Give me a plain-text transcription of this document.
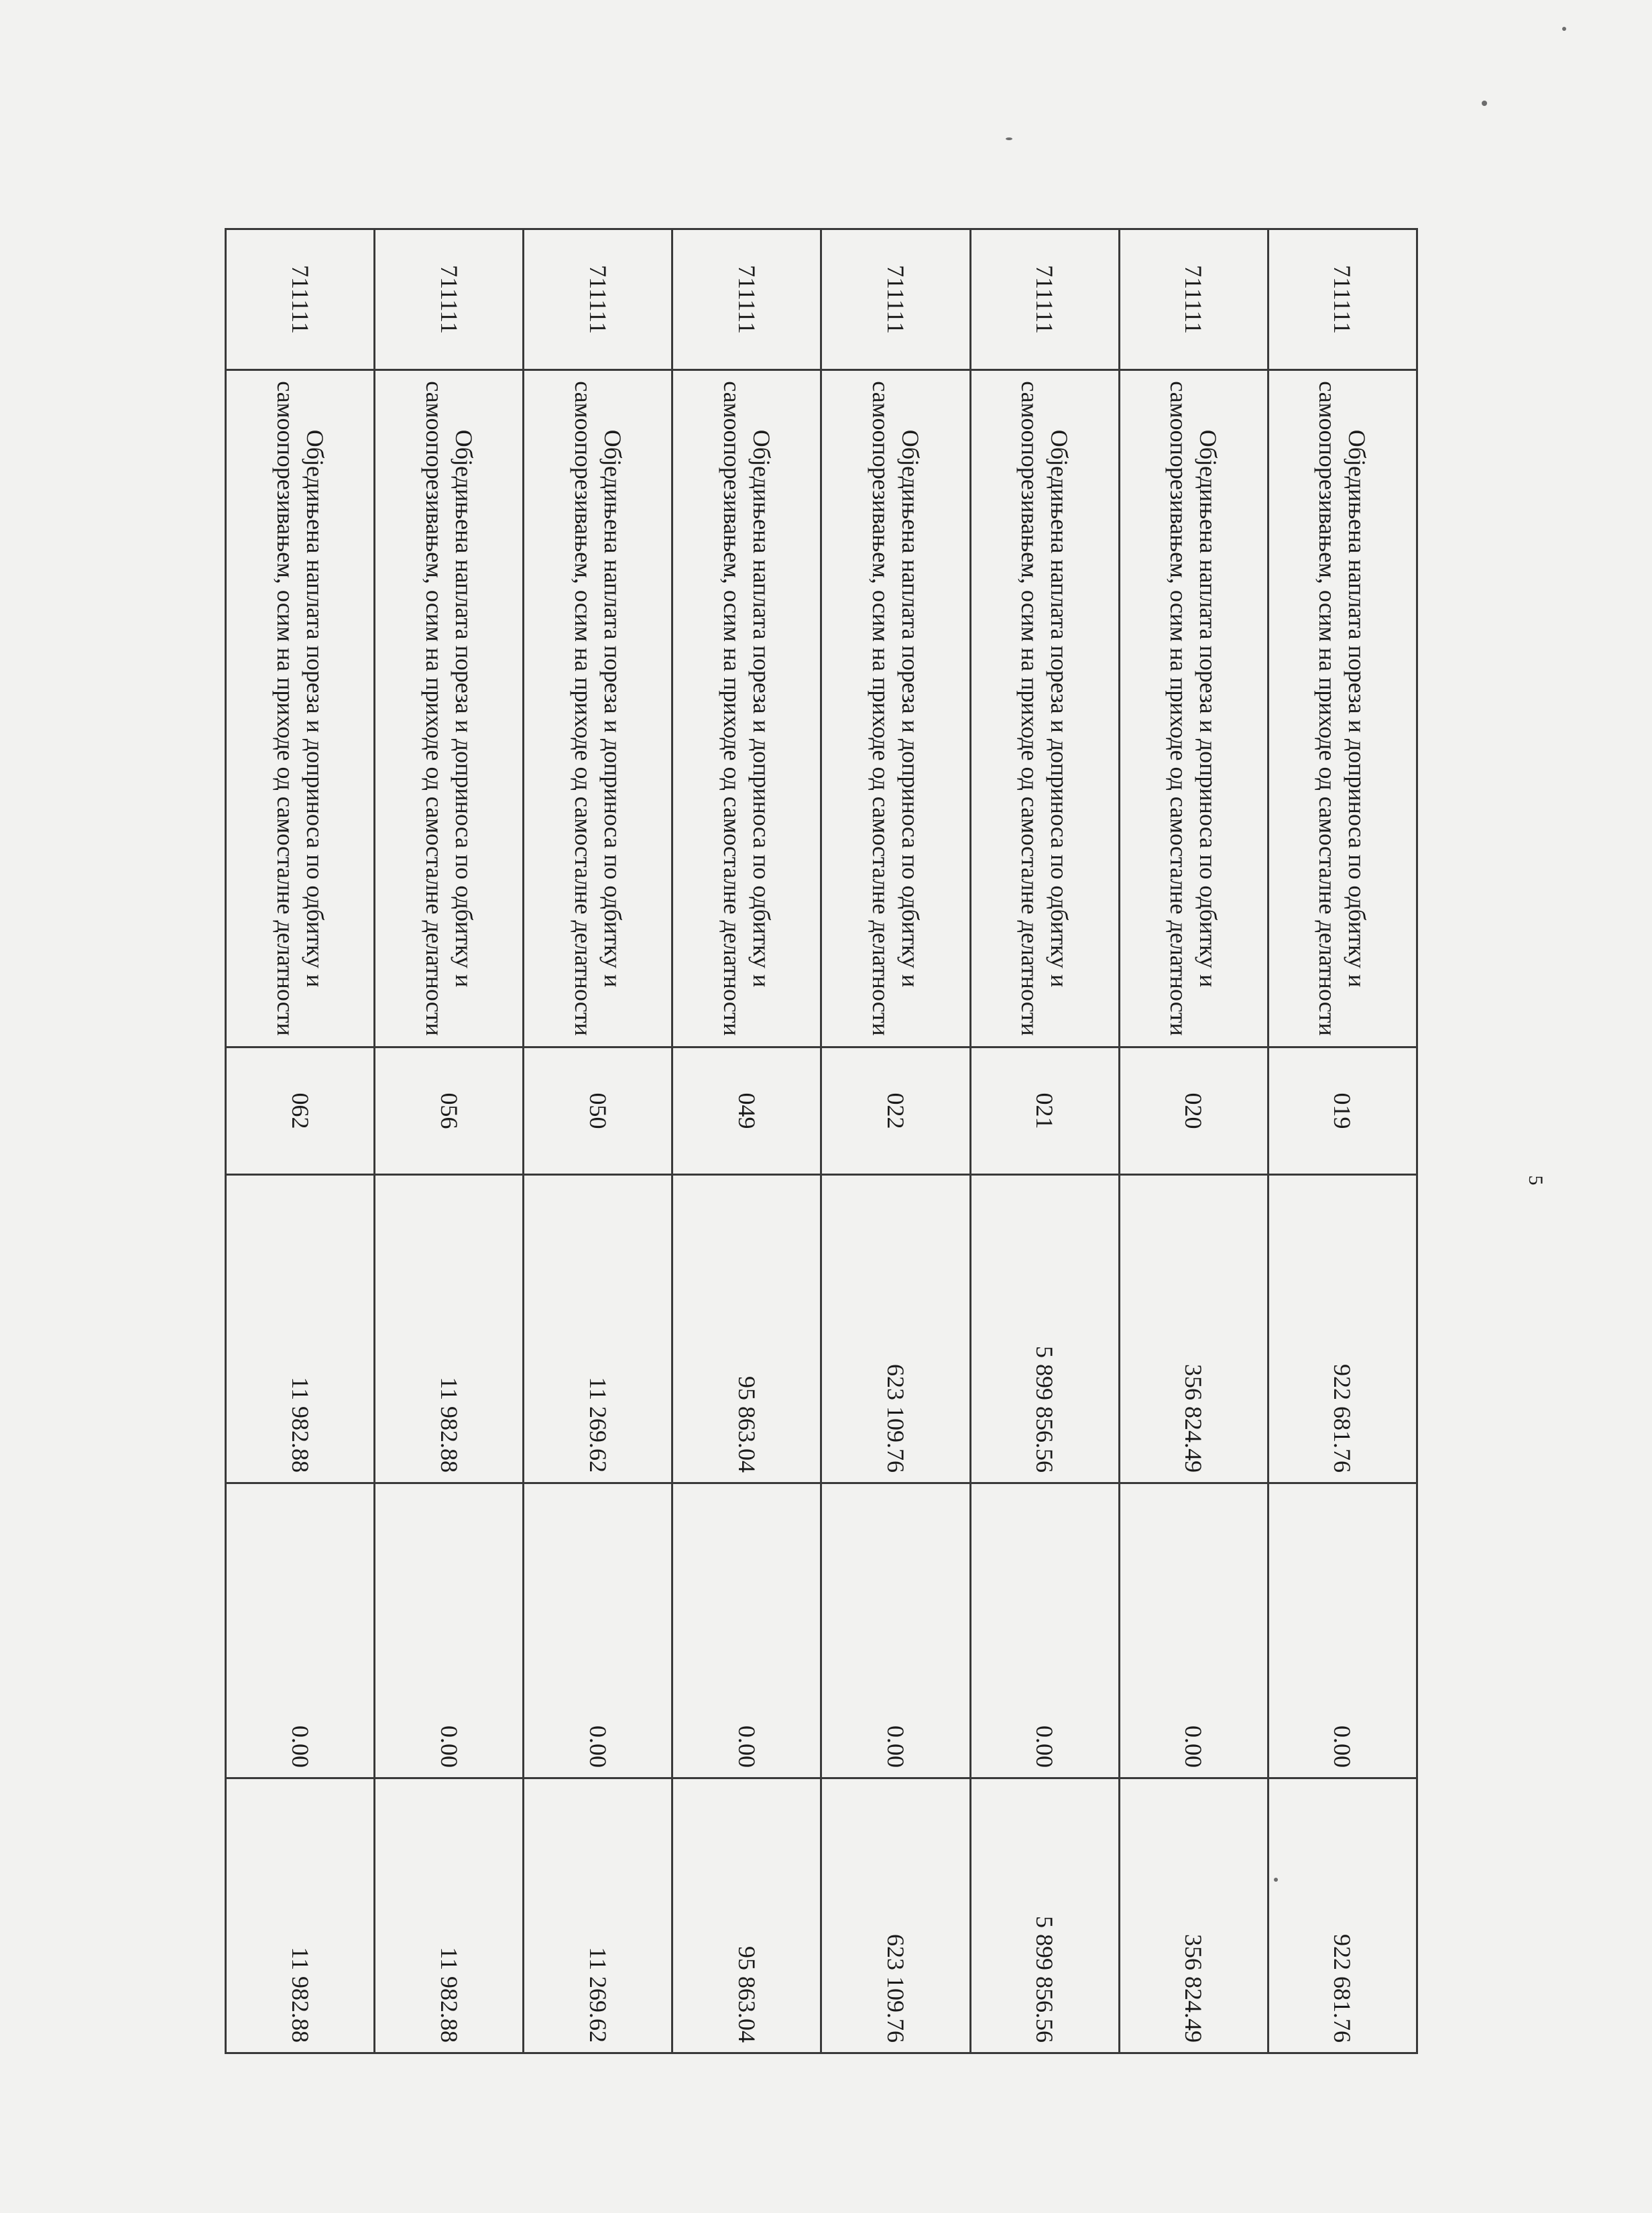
5
711111	Обједињена наплата пореза и доприноса по одбитку и самоопорезивањем, осим на приходе од самосталне делатности	019	922 681.76	0.00	922 681.76
711111	Обједињена наплата пореза и доприноса по одбитку и самоопорезивањем, осим на приходе од самосталне делатности	020	356 824.49	0.00	356 824.49
711111	Обједињена наплата пореза и доприноса по одбитку и самоопорезивањем, осим на приходе од самосталне делатности	021	5 899 856.56	0.00	5 899 856.56
711111	Обједињена наплата пореза и доприноса по одбитку и самоопорезивањем, осим на приходе од самосталне делатности	022	623 109.76	0.00	623 109.76
711111	Обједињена наплата пореза и доприноса по одбитку и самоопорезивањем, осим на приходе од самосталне делатности	049	95 863.04	0.00	95 863.04
711111	Обједињена наплата пореза и доприноса по одбитку и самоопорезивањем, осим на приходе од самосталне делатности	050	11 269.62	0.00	11 269.62
711111	Обједињена наплата пореза и доприноса по одбитку и самоопорезивањем, осим на приходе од самосталне делатности	056	11 982.88	0.00	11 982.88
711111	Обједињена наплата пореза и доприноса по одбитку и самоопорезивањем, осим на приходе од самосталне делатности	062	11 982.88	0.00	11 982.88
